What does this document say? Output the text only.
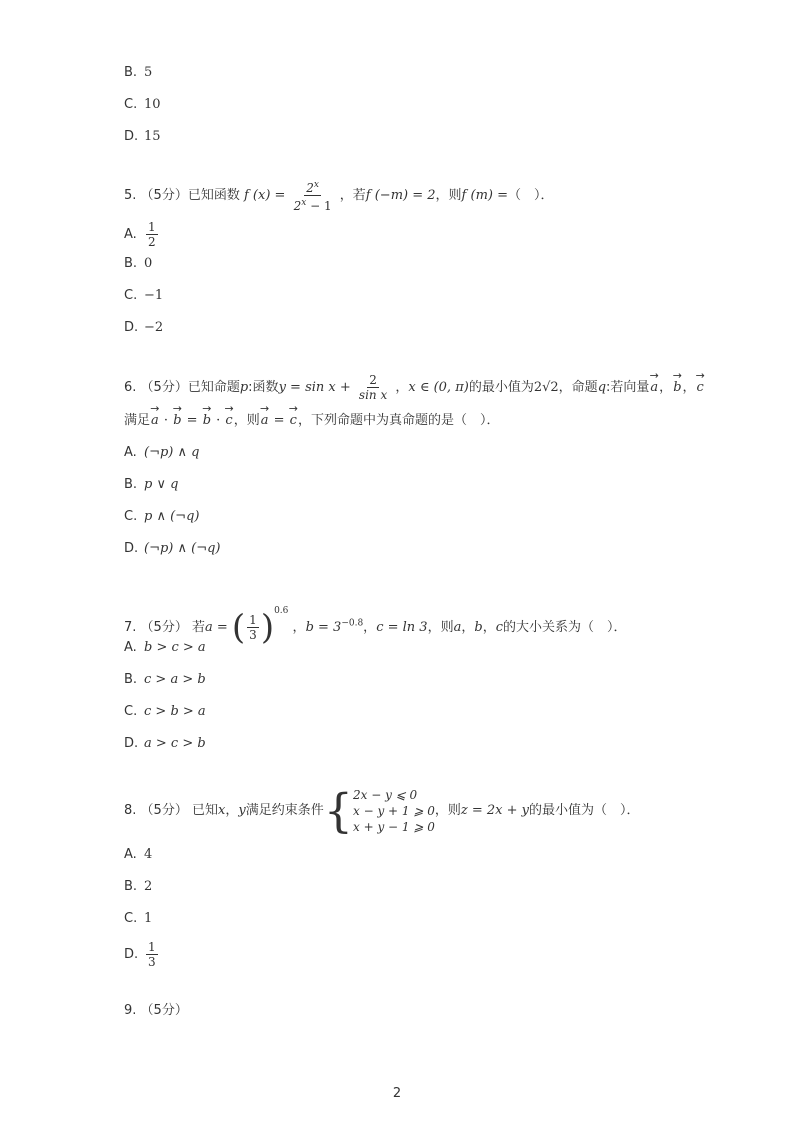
B. 5
C. 10
D. 15
5. （5分）已知函数 f $(x) = \frac{2^x}{2^x - 1}$ ，若f (−m) = 2，则f (m) =（　）．
A. $\frac{1}{2}$
B. 0
C. −1
D. −2
6. （5分）已知命题p:函数$y = \sin x + \frac{2}{\text{sin x}}$ ，x ∈ (0, π)的最小值为2√2，命题q:若向量→ a，→ b，→ c
满足→ a · → b = → b · → c，则→ a = → c，下列命题中为真命题的是（　）．
A. (¬p) ∧ q
B. p ∨ q
C. p ∧ (¬q)
D. (¬p) ∧ (¬q)
7. （5分） 若a = ( $\frac{1}{3} )^{0.6}$ ，$b = 3^{-0.8}$，c = ln 3，则a，b，c的大小关系为（　）．
A. b > c > a
B. c > a > b
C. c > b > a
D. a > c > b
8. （5分） 已知x，y满足约束条件{ 2x − y ⩽ 0
x − y + 1 ⩾ 0
x + y − 1 ⩾ 0
，则z = 2x + y的最小值为（　）．
A. 4
B. 2
C. 1
D. $\frac{1}{3}$
9. （5分）
2
